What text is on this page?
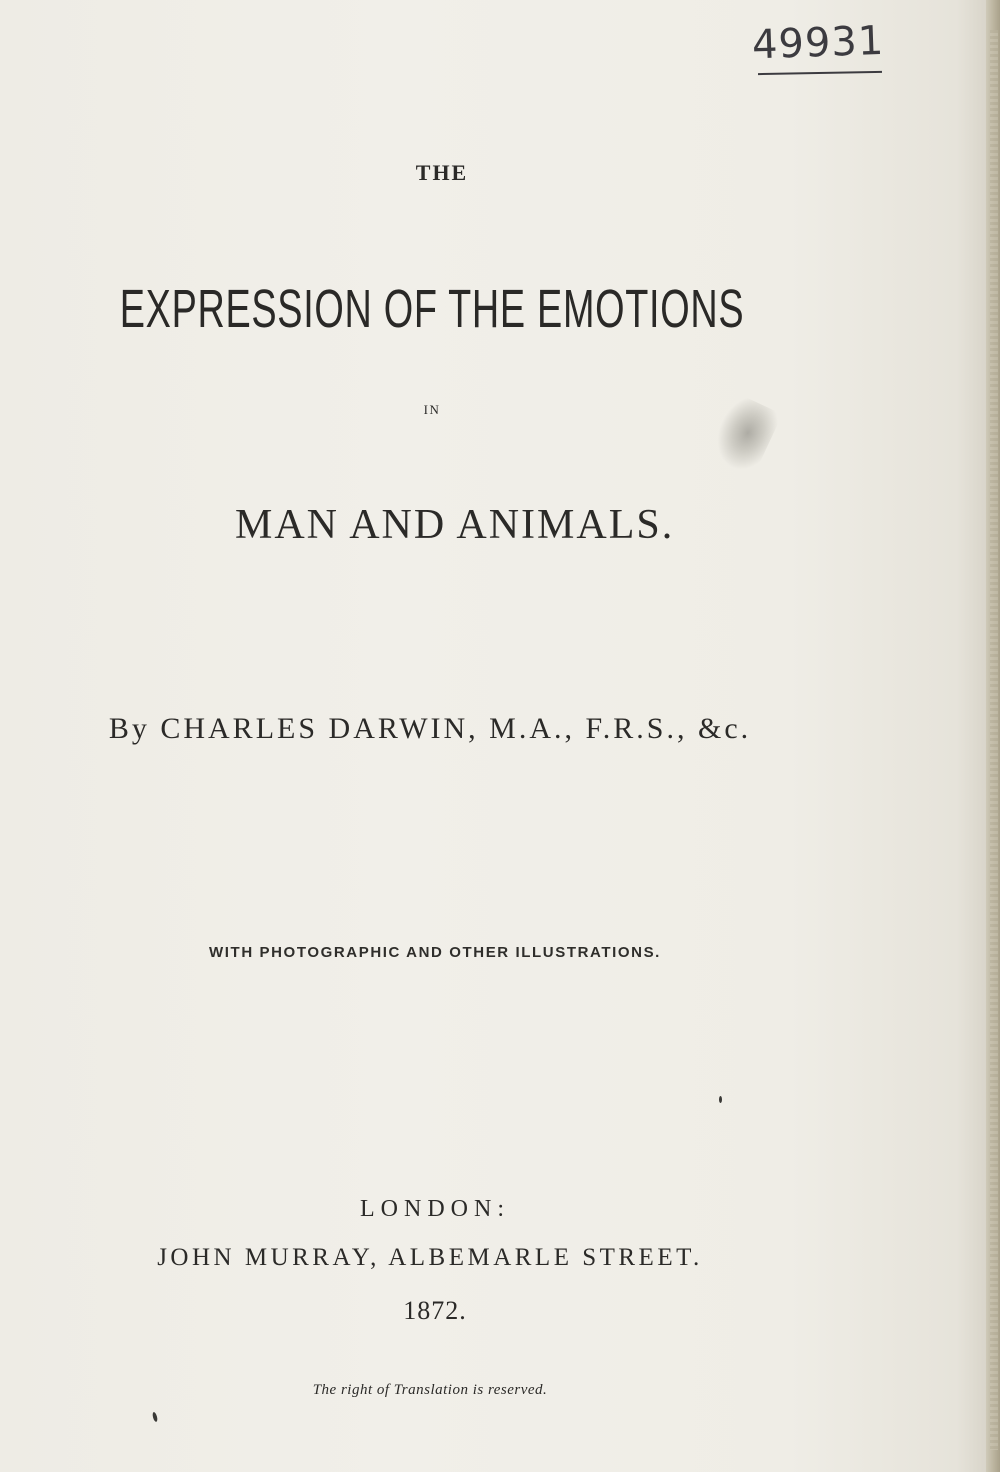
49931
THE
EXPRESSION OF THE EMOTIONS
IN
MAN AND ANIMALS.
By CHARLES DARWIN, M.A., F.R.S., &c.
WITH PHOTOGRAPHIC AND OTHER ILLUSTRATIONS.
LONDON:
JOHN MURRAY, ALBEMARLE STREET.
1872.
The right of Translation is reserved.
